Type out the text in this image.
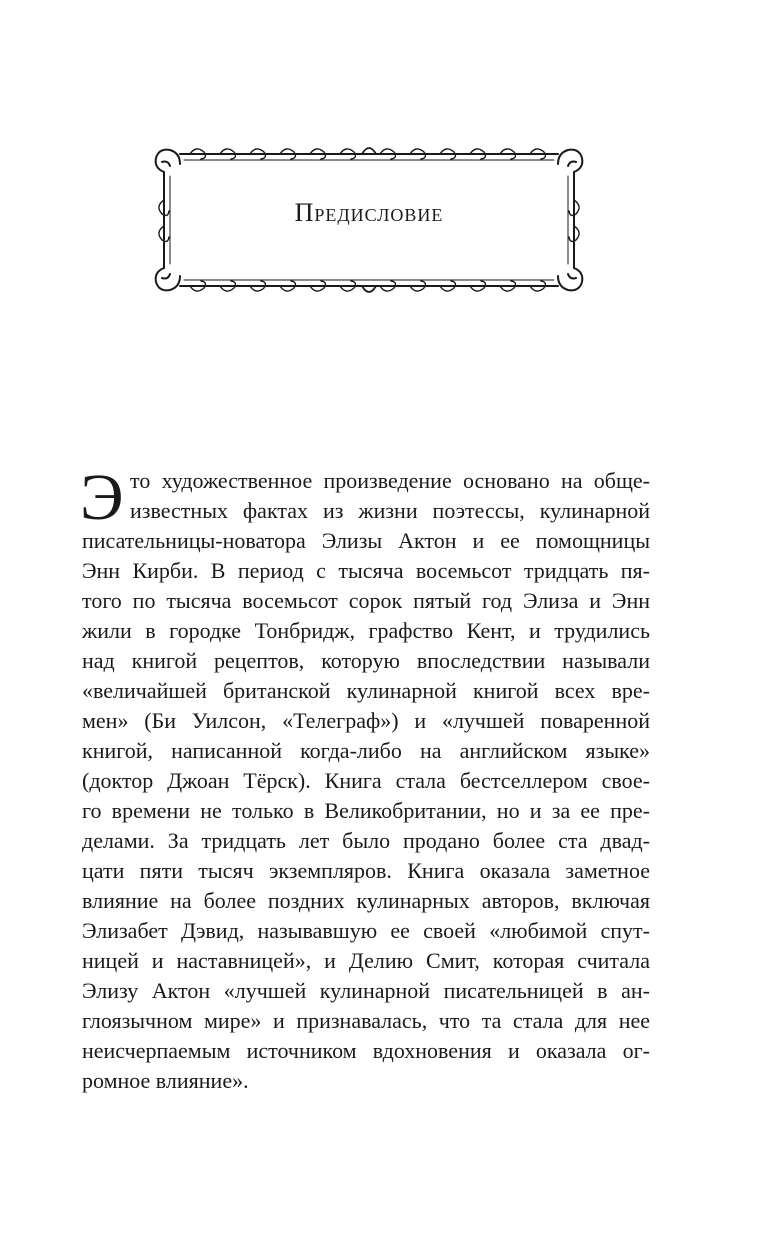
Предисловие
Э то художественное произведение основано на обще-
известных фактах из жизни поэтессы, кулинарной
писательницы-новатора Элизы Актон и ее помощницы
Энн Кирби. В период с тысяча восемьсот тридцать пя-
того по тысяча восемьсот сорок пятый год Элиза и Энн
жили в городке Тонбридж, графство Кент, и трудились
над книгой рецептов, которую впоследствии называли
«величайшей британской кулинарной книгой всех вре-
мен» (Би Уилсон, «Телеграф») и «лучшей поваренной
книгой, написанной когда-либо на английском языке»
(доктор Джоан Тёрск). Книга стала бестселлером свое-
го времени не только в Великобритании, но и за ее пре-
делами. За тридцать лет было продано более ста двад-
цати пяти тысяч экземпляров. Книга оказала заметное
влияние на более поздних кулинарных авторов, включая
Элизабет Дэвид, называвшую ее своей «любимой спут-
ницей и наставницей», и Делию Смит, которая считала
Элизу Актон «лучшей кулинарной писательницей в ан-
глоязычном мире» и признавалась, что та стала для нее
неисчерпаемым источником вдохновения и оказала ог-
ромное влияние».
